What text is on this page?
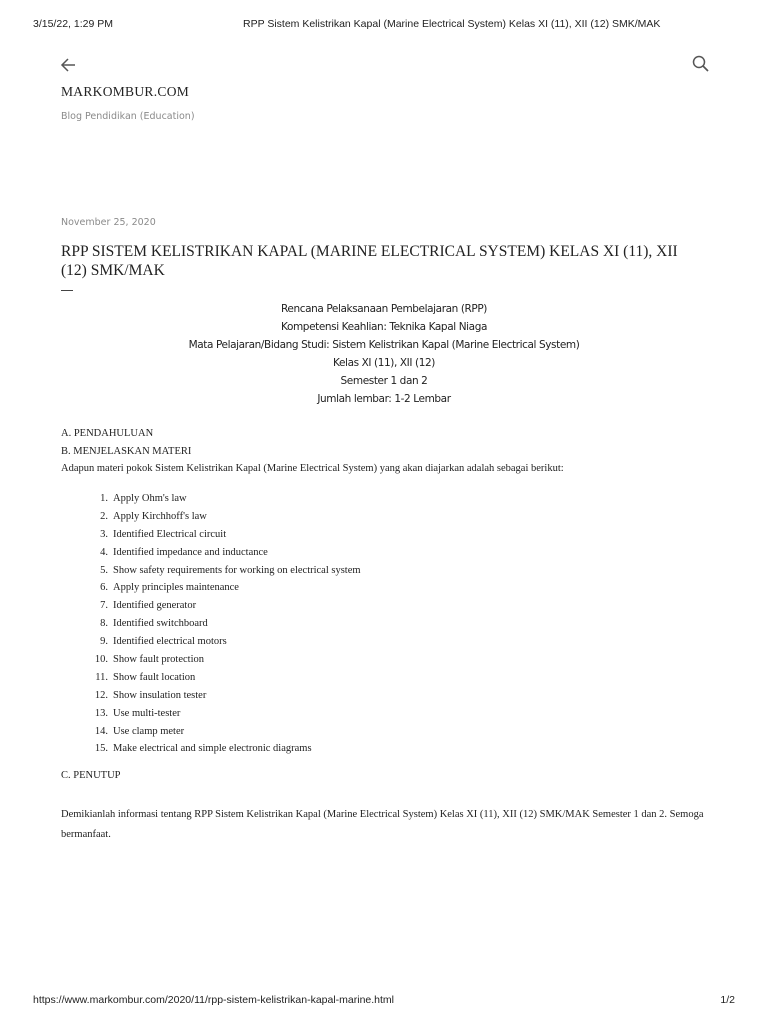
3/15/22, 1:29 PM	RPP Sistem Kelistrikan Kapal (Marine Electrical System) Kelas XI (11), XII (12) SMK/MAK
MARKOMBUR.COM
Blog Pendidikan (Education)
November 25, 2020
RPP SISTEM KELISTRIKAN KAPAL (MARINE ELECTRICAL SYSTEM) KELAS XI (11), XII (12) SMK/MAK
Rencana Pelaksanaan Pembelajaran (RPP)
Kompetensi Keahlian: Teknika Kapal Niaga
Mata Pelajaran/Bidang Studi: Sistem Kelistrikan Kapal (Marine Electrical System)
Kelas XI (11), XII (12)
Semester 1 dan 2
Jumlah lembar: 1-2 Lembar
A. PENDAHULUAN
B. MENJELASKAN MATERI
Adapun materi pokok Sistem Kelistrikan Kapal (Marine Electrical System) yang akan diajarkan adalah sebagai berikut:
1. Apply Ohm's law
2. Apply Kirchhoff's law
3. Identified Electrical circuit
4. Identified impedance and inductance
5. Show safety requirements for working on electrical system
6. Apply principles maintenance
7. Identified generator
8. Identified switchboard
9. Identified electrical motors
10. Show fault protection
11. Show fault location
12. Show insulation tester
13. Use multi-tester
14. Use clamp meter
15. Make electrical and simple electronic diagrams
C. PENUTUP
Demikianlah informasi tentang RPP Sistem Kelistrikan Kapal (Marine Electrical System) Kelas XI (11), XII (12) SMK/MAK Semester 1 dan 2. Semoga bermanfaat.
https://www.markombur.com/2020/11/rpp-sistem-kelistrikan-kapal-marine.html	1/2
